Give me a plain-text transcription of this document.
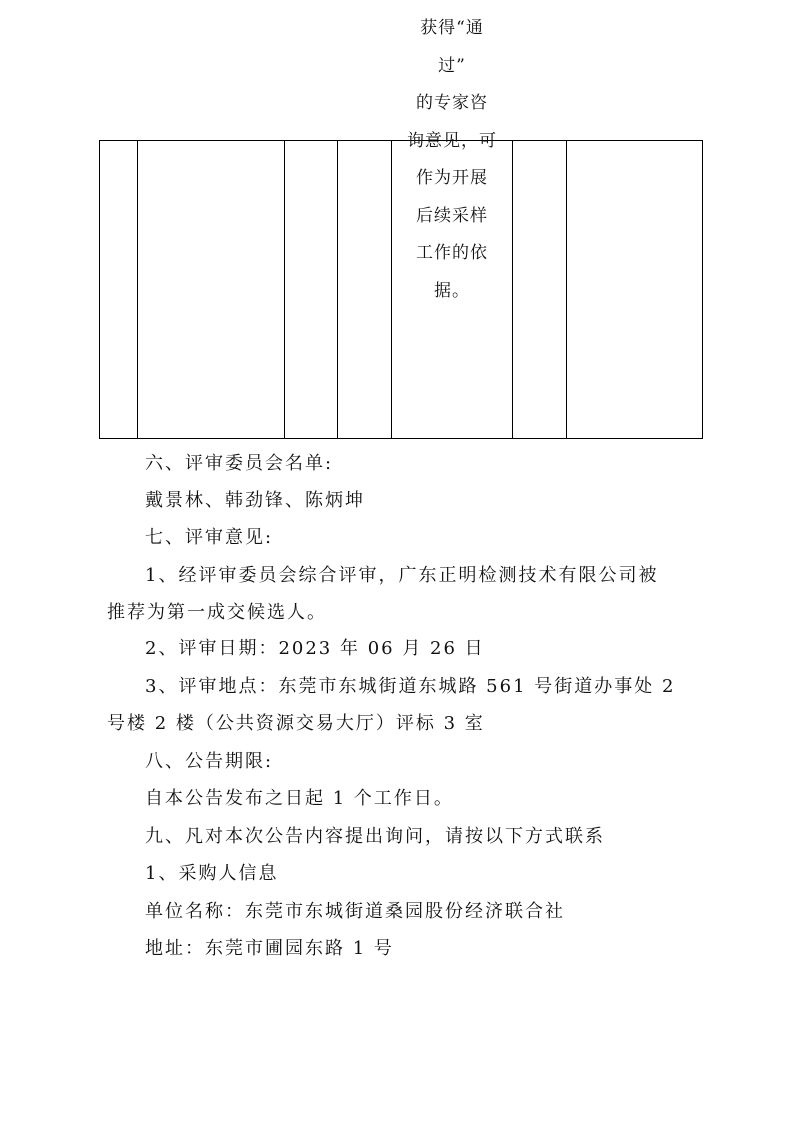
获得“通
过”
的专家咨
询意见，可
作为开展
后续采样
工作的依
据。
六、评审委员会名单:
戴景林、韩劲锋、陈炳坤
七、评审意见:
1、经评审委员会综合评审，广东正明检测技术有限公司被
推荐为第一成交候选人。
2、评审日期：2023 年 06 月 26 日
3、评审地点：东莞市东城街道东城路 561 号街道办事处 2
号楼 2 楼（公共资源交易大厅）评标 3 室
八、公告期限:
自本公告发布之日起 1 个工作日。
九、凡对本次公告内容提出询问，请按以下方式联系
1、采购人信息
单位名称：东莞市东城街道桑园股份经济联合社
地址：东莞市圃园东路 1 号
